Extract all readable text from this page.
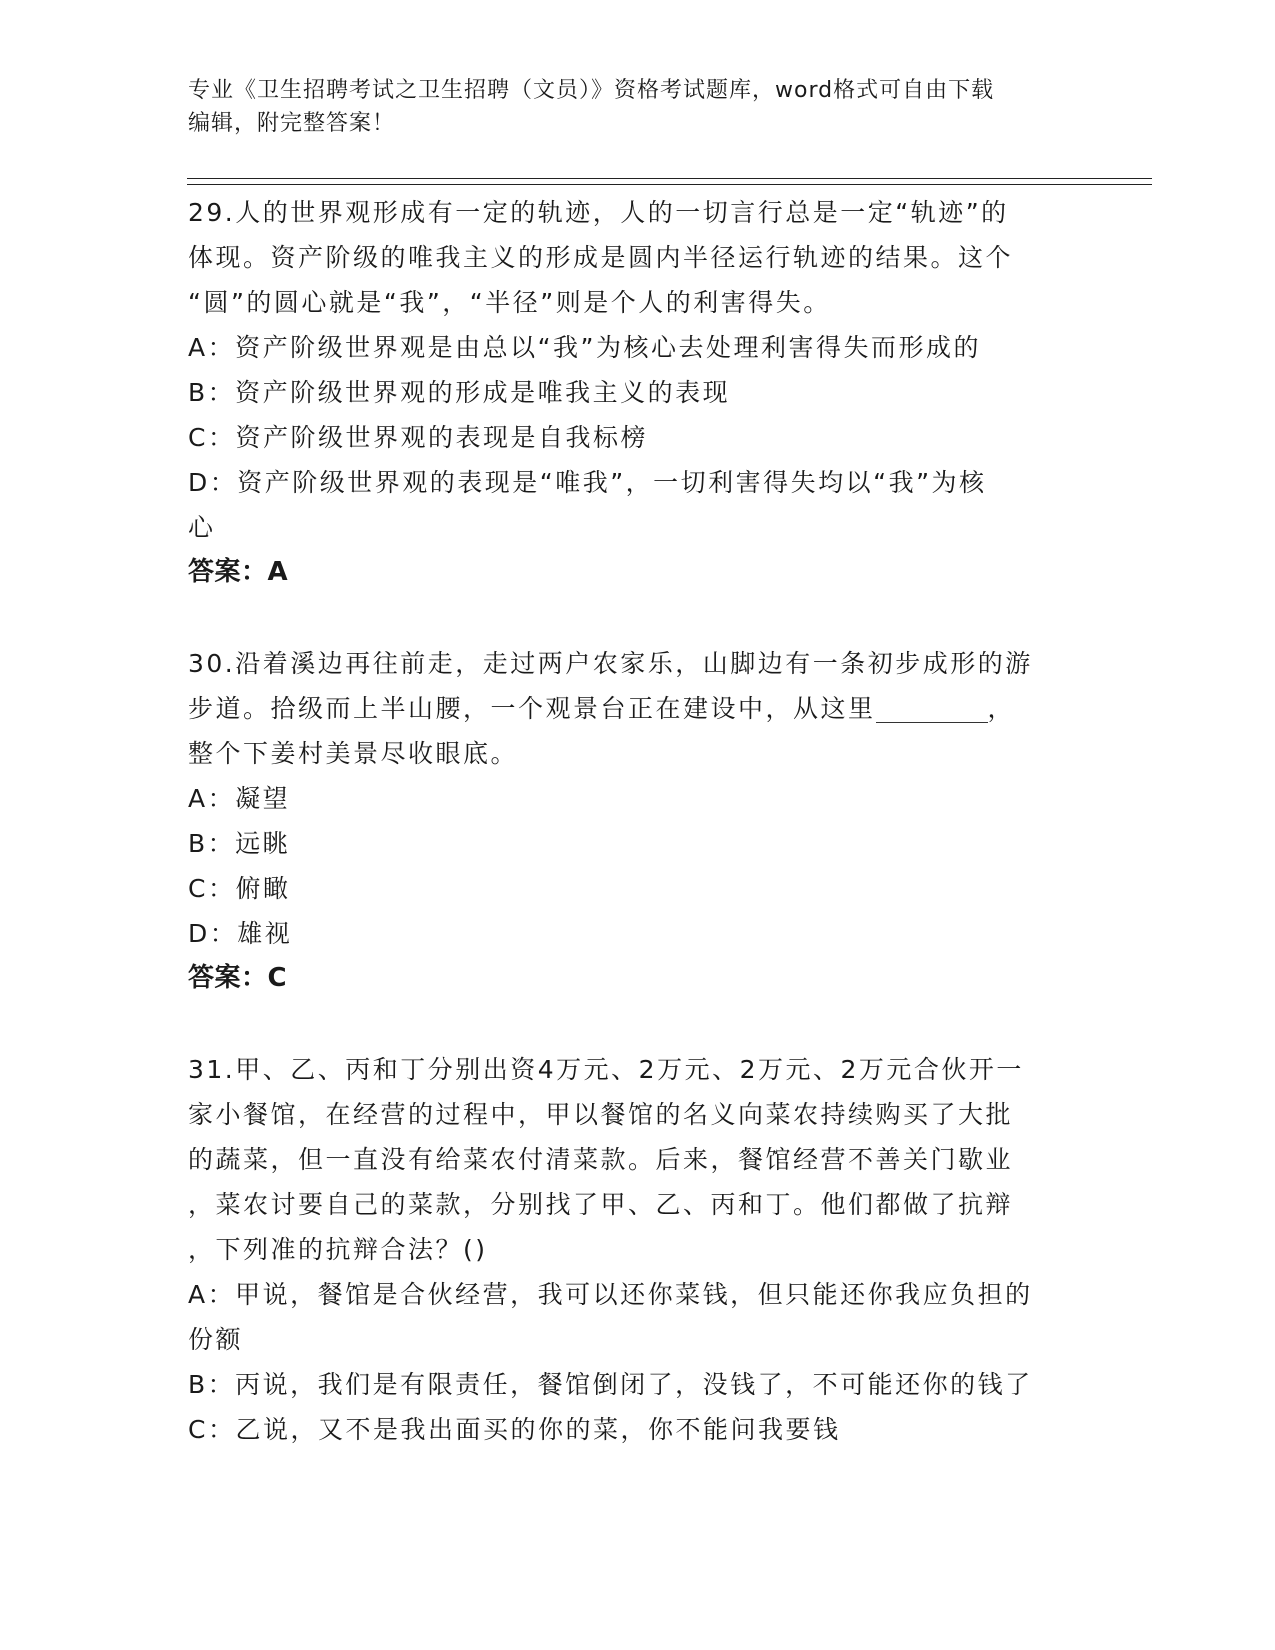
专业《卫生招聘考试之卫生招聘（文员）》资格考试题库，word格式可自由下载
编辑，附完整答案！
29.人的世界观形成有一定的轨迹，人的一切言行总是一定“轨迹”的
体现。资产阶级的唯我主义的形成是圆内半径运行轨迹的结果。这个
“圆”的圆心就是“我”，“半径”则是个人的利害得失。
A：资产阶级世界观是由总以“我”为核心去处理利害得失而形成的
B：资产阶级世界观的形成是唯我主义的表现
C：资产阶级世界观的表现是自我标榜
D：资产阶级世界观的表现是“唯我”，一切利害得失均以“我”为核
心
答案：A
30.沿着溪边再往前走，走过两户农家乐，山脚边有一条初步成形的游
步道。拾级而上半山腰，一个观景台正在建设中，从这里	，
整个下姜村美景尽收眼底。
A：凝望
B：远眺
C：俯瞰
D：雄视
答案：C
31.甲、乙、丙和丁分别出资4万元、2万元、2万元、2万元合伙开一
家小餐馆，在经营的过程中，甲以餐馆的名义向菜农持续购买了大批
的蔬菜，但一直没有给菜农付清菜款。后来，餐馆经营不善关门歇业
，菜农讨要自己的菜款，分别找了甲、乙、丙和丁。他们都做了抗辩
，下列准的抗辩合法？()
A：甲说，餐馆是合伙经营，我可以还你菜钱，但只能还你我应负担的
份额
B：丙说，我们是有限责任，餐馆倒闭了，没钱了，不可能还你的钱了
C：乙说，又不是我出面买的你的菜，你不能问我要钱
